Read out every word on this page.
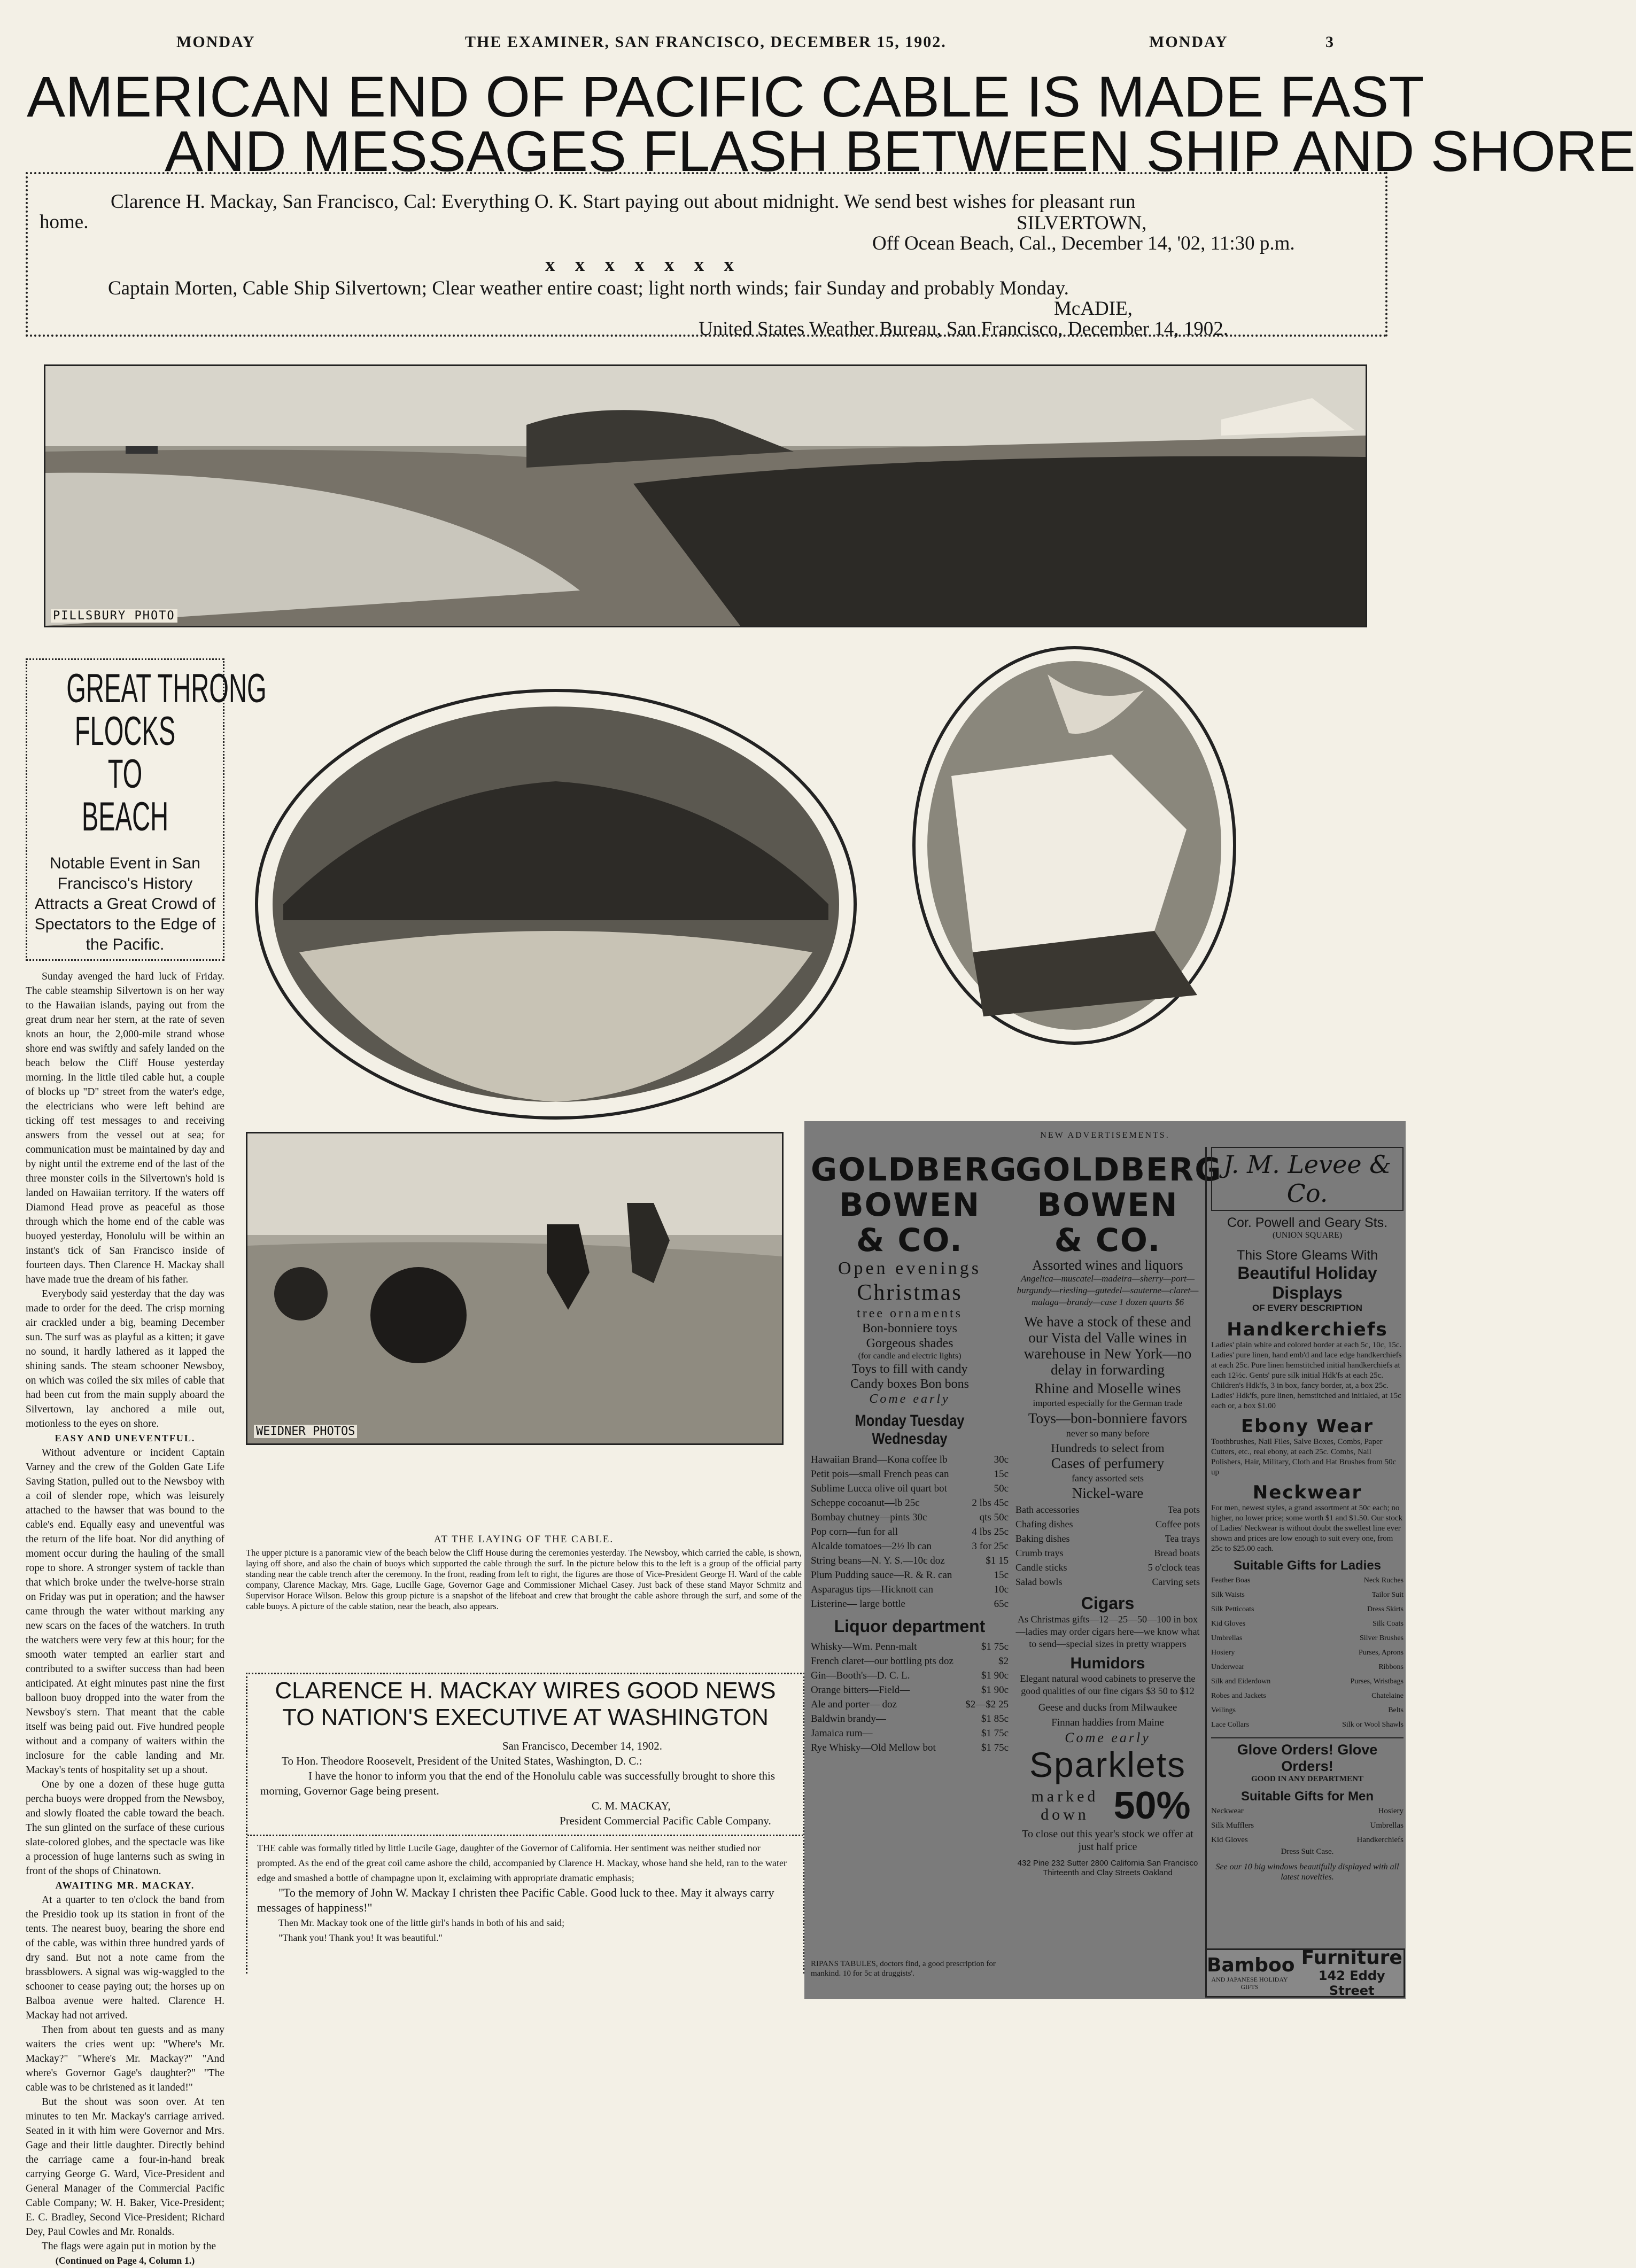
MONDAY	THE EXAMINER, SAN FRANCISCO, DECEMBER 15, 1902.	MONDAY	3
AMERICAN END OF PACIFIC CABLE IS MADE FAST
AND MESSAGES FLASH BETWEEN SHIP AND SHORE
Clarence H. Mackay, San Francisco, Cal: Everything O. K. Start paying out about midnight. We send best wishes for pleasant run
home.	SILVERTOWN,
Off Ocean Beach, Cal., December 14, '02, 11:30 p.m.
x x x x x x x
Captain Morten, Cable Ship Silvertown; Clear weather entire coast; light north winds; fair Sunday and probably Monday.
McADIE,
United States Weather Bureau, San Francisco, December 14, 1902.
PILLSBURY PHOTO
GREAT THRONG
FLOCKS TO
BEACH
Notable Event in San Francisco's History Attracts a Great Crowd of Spectators to the Edge of the Pacific.

Sunday avenged the hard luck of Friday. The cable steamship Silvertown is on her way to the Hawaiian islands, paying out from the great drum near her stern, at the rate of seven knots an hour, the 2,000-mile strand whose shore end was swiftly and safely landed on the beach below the Cliff House yesterday morning. In the little tiled cable hut, a couple of blocks up "D" street from the water's edge, the electricians who were left behind are ticking off test messages to and receiving answers from the vessel out at sea; for communication must be maintained by day and by night until the extreme end of the last of the three monster coils in the Silvertown's hold is landed on Hawaiian territory. If the waters off Diamond Head prove as peaceful as those through which the home end of the cable was buoyed yesterday, Honolulu will be within an instant's tick of San Francisco inside of fourteen days. Then Clarence H. Mackay shall have made true the dream of his father.

Everybody said yesterday that the day was made to order for the deed. The crisp morning air crackled under a big, beaming December sun. The surf was as playful as a kitten; it gave no sound, it hardly lathered as it lapped the shining sands. The steam schooner Newsboy, on which was coiled the six miles of cable that had been cut from the main supply aboard the Silvertown, lay anchored a mile out, motionless to the eyes on shore.

EASY AND UNEVENTFUL.

Without adventure or incident Captain Varney and the crew of the Golden Gate Life Saving Station, pulled out to the Newsboy with a coil of slender rope, which was leisurely attached to the hawser that was bound to the cable's end. Equally easy and uneventful was the return of the life boat. Nor did anything of moment occur during the hauling of the small rope to shore. A stronger system of tackle than that which broke under the twelve-horse strain on Friday was put in operation; and the hawser came through the water without marking any new scars on the faces of the watchers. In truth the watchers were very few at this hour; for the smooth water tempted an earlier start and contributed to a swifter success than had been anticipated. At eight minutes past nine the first balloon buoy dropped into the water from the Newsboy's stern. That meant that the cable itself was being paid out. Five hundred people without and a company of waiters within the inclosure for the cable landing and Mr. Mackay's tents of hospitality set up a shout.

One by one a dozen of these huge gutta percha buoys were dropped from the Newsboy, and slowly floated the cable toward the beach. The sun glinted on the surface of these curious slate-colored globes, and the spectacle was like a procession of huge lanterns such as swing in front of the shops of Chinatown.

AWAITING MR. MACKAY.

At a quarter to ten o'clock the band from the Presidio took up its station in front of the tents. The nearest buoy, bearing the shore end of the cable, was within three hundred yards of dry sand. But not a note came from the brassblowers. A signal was wig-waggled to the schooner to cease paying out; the horses up on Balboa avenue were halted. Clarence H. Mackay had not arrived.

Then from about ten guests and as many waiters the cries went up: "Where's Mr. Mackay?" "Where's Mr. Mackay?" "And where's Governor Gage's daughter?" "The cable was to be christened as it landed!"

But the shout was soon over. At ten minutes to ten Mr. Mackay's carriage arrived. Seated in it with him were Governor and Mrs. Gage and their little daughter. Directly behind the carriage came a four-in-hand break carrying George G. Ward, Vice-President and General Manager of the Commercial Pacific Cable Company; W. H. Baker, Vice-President; E. C. Bradley, Second Vice-President; Richard Dey, Paul Cowles and Mr. Ronalds.

The flags were again put in motion by the

(Continued on Page 4, Column 1.)
WEIDNER PHOTOS
AT THE LAYING OF THE CABLE.
The upper picture is a panoramic view of the beach below the Cliff House during the ceremonies yesterday. The Newsboy, which carried the cable, is shown, laying off shore, and also the chain of buoys which supported the cable through the surf. In the picture below this to the left is a group of the official party standing near the cable trench after the ceremony. In the front, reading from left to right, the figures are those of Vice-President George H. Ward of the cable company, Clarence Mackay, Mrs. Gage, Lucille Gage, Governor Gage and Commissioner Michael Casey. Just back of these stand Mayor Schmitz and Supervisor Horace Wilson. Below this group picture is a snapshot of the lifeboat and crew that brought the cable ashore through the surf, and some of the cable buoys. A picture of the cable station, near the beach, also appears.
CLARENCE H. MACKAY WIRES GOOD NEWS
TO NATION'S EXECUTIVE AT WASHINGTON
San Francisco, December 14, 1902.
To Hon. Theodore Roosevelt, President of the United States, Washington, D. C.:
I have the honor to inform you that the end of the Honolulu cable was successfully brought to shore this morning, Governor Gage being present.
C. M. MACKAY,
President Commercial Pacific Cable Company.
THE cable was formally titled by little Lucile Gage, daughter of the Governor of California. Her sentiment was neither studied nor prompted. As the end of the great coil came ashore the child, accompanied by Clarence H. Mackay, whose hand she held, ran to the water edge and smashed a bottle of champagne upon it, exclaiming with appropriate dramatic emphasis;
"To the memory of John W. Mackay I christen thee Pacific Cable. Good luck to thee. May it always carry messages of happiness!"
Then Mr. Mackay took one of the little girl's hands in both of his and said;
"Thank you! Thank you! It was beautiful."
NEW ADVERTISEMENTS.
GOLDBERG
BOWEN
& CO.
Open evenings
Christmas
tree ornaments
Bon-bonniere toys
Gorgeous shades
(for candle and electric lights)
Toys to fill with candy
Candy boxes Bon bons
Come early
Monday Tuesday Wednesday
Hawaiian Brand—Kona coffee lb	30c
Petit pois—small French peas can	15c
Sublime Lucca olive oil quart bot	50c
Scheppe cocoanut—lb 25c	2 lbs 45c
Bombay chutney—pints 30c	qts 50c
Pop corn—fun for all	4 lbs 25c
Alcalde tomatoes—2½ lb can	3 for 25c
String beans—N. Y. S.—10c doz	$1 15
Plum Pudding sauce—R. & R. can	15c
Asparagus tips—Hicknott can	10c
Listerine— large bottle	65c
Liquor department
Whisky—Wm. Penn-malt	$1 75c
French claret—our bottling pts doz	$2
Gin—Booth's—D. C. L.	$1 90c
Orange bitters—Field—	$1 90c
Ale and porter— doz	$2—$2 25
Baldwin brandy—	$1 85c
Jamaica rum—	$1 75c
Rye Whisky—Old Mellow bot	$1 75c
GOLDBERG
BOWEN
& CO.
Assorted wines and liquors
Angelica—muscatel—madeira—sherry—port—burgundy—riesling—gutedel—sauterne—claret—malaga—brandy—case 1 dozen quarts $6
We have a stock of these and our Vista del Valle wines in warehouse in New York—no delay in forwarding
Rhine and Moselle wines
imported especially for the German trade
Toys—bon-bonniere favors
never so many before
Hundreds to select from
Cases of perfumery
fancy assorted sets
Nickel-ware
Bath accessories	Tea pots
Chafing dishes	Coffee pots
Baking dishes	Tea trays
Crumb trays	Bread boats
Candle sticks	5 o'clock teas
Salad bowls	Carving sets
Cigars
As Christmas gifts—12—25—50—100 in box—ladies may order cigars here—we know what to send—special sizes in pretty wrappers
Humidors
Elegant natural wood cabinets to preserve the good qualities of our fine cigars $3 50 to $12
Geese and ducks from Milwaukee
Finnan haddies from Maine
Come early
Sparklets
marked down 50%
To close out this year's stock we offer at just half price
432 Pine 232 Sutter 2800 California San Francisco Thirteenth and Clay Streets Oakland
RIPANS TABULES, doctors find, a good prescription for mankind. 10 for 5c at druggists'.
J. M. Levee & Co.
Cor. Powell and Geary Sts.
(UNION SQUARE)
This Store Gleams With
Beautiful Holiday Displays
OF EVERY DESCRIPTION
Handkerchiefs
Ladies' plain white and colored border at each 5c, 10c, 15c. Ladies' pure linen, hand emb'd and lace edge handkerchiefs at each 25c. Pure linen hemstitched initial handkerchiefs at each 12½c. Gents' pure silk initial Hdk'fs at each 25c. Children's Hdk'fs, 3 in box, fancy border, at, a box 25c. Ladies' Hdk'fs, pure linen, hemstitched and initialed, at 15c each or, a box $1.00
Ebony Wear
Toothbrushes, Nail Files, Salve Boxes, Combs, Paper Cutters, etc., real ebony, at each 25c. Combs, Nail Polishers, Hair, Military, Cloth and Hat Brushes from 50c up
Neckwear
For men, newest styles, a grand assortment at 50c each; no higher, no lower price; some worth $1 and $1.50. Our stock of Ladies' Neckwear is without doubt the swellest line ever shown and prices are low enough to suit every one, from 25c to $25.00 each.
Suitable Gifts for Ladies
Feather Boas	Neck Ruches
Silk Waists	Tailor Suit
Silk Petticoats	Dress Skirts
Kid Gloves	Silk Coats
Umbrellas	Silver Brushes
Hosiery	Purses, Aprons
Underwear	Ribbons
Silk and Eiderdown	Purses, Wristbags
Robes and Jackets	Chatelaine
Veilings	Belts
Lace Collars	Silk or Wool Shawls
Glove Orders! Glove Orders!
GOOD IN ANY DEPARTMENT
Suitable Gifts for Men
Neckwear	Hosiery
Silk Mufflers	Umbrellas
Kid Gloves	Handkerchiefs
Dress Suit Case.
See our 10 big windows beautifully displayed with all latest novelties.
Bamboo
AND JAPANESE HOLIDAY GIFTS
Furniture
142 Eddy Street
